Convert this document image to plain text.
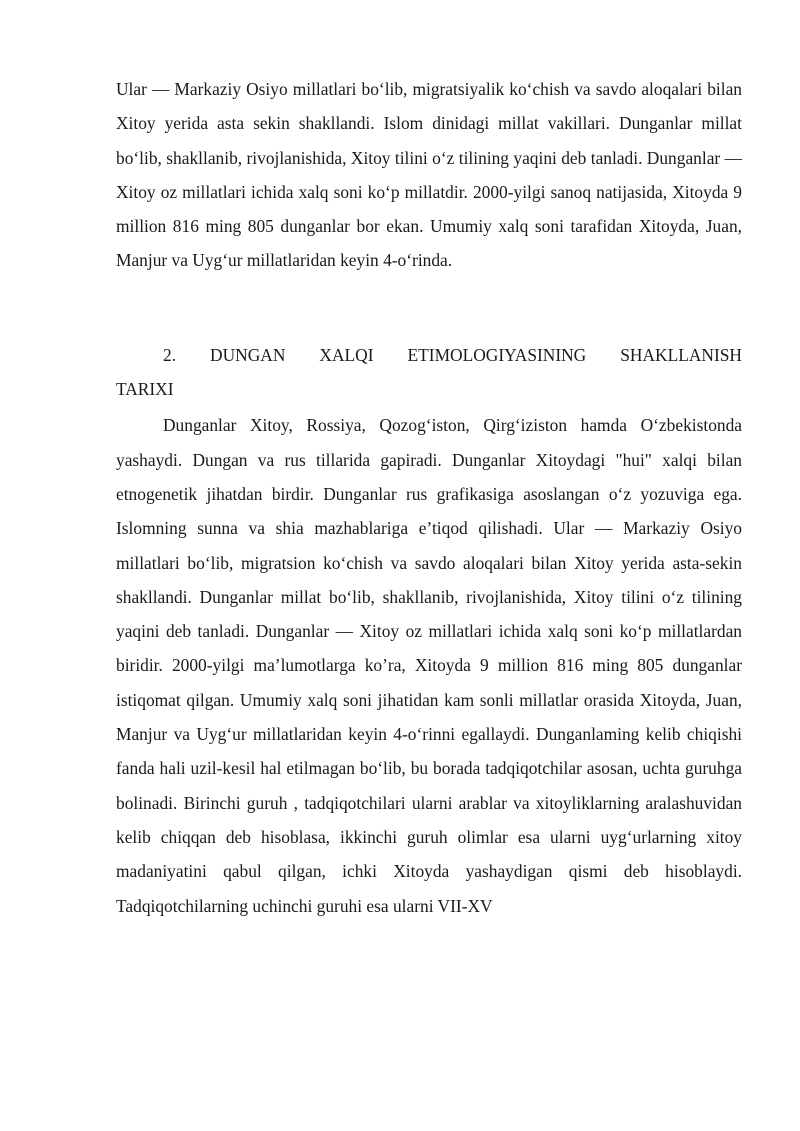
Ular — Markaziy Osiyo millatlari bo‘lib, migratsiyalik ko‘chish va savdo aloqalari bilan Xitoy yerida asta sekin shakllandi. Islom dinidagi millat vakillari. Dunganlar millat bo‘lib, shakllanib, rivojlanishida, Xitoy tilini o‘z tilining yaqini deb tanladi. Dunganlar — Xitoy oz millatlari ichida xalq soni ko‘p millatdir. 2000-yilgi sanoq natijasida, Xitoyda 9 million 816 ming 805 dunganlar bor ekan. Umumiy xalq soni tarafidan Xitoyda, Juan, Manjur va Uyg‘ur millatlaridan keyin 4-o‘rinda.

2. DUNGAN XALQI ETIMOLOGIYASINING SHAKLLANISH TARIXI

Dunganlar Xitoy, Rossiya, Qozog‘iston, Qirg‘iziston hamda O‘zbekistonda yashaydi. Dungan va rus tillarida gapiradi. Dunganlar Xitoydagi "hui" xalqi bilan etnogenetik jihatdan birdir. Dunganlar rus grafikasiga asoslangan o‘z yozuviga ega. Islomning sunna va shia mazhablariga e’tiqod qilishadi. Ular — Markaziy Osiyo millatlari bo‘lib, migratsion ko‘chish va savdo aloqalari bilan Xitoy yerida asta-sekin shakllandi. Dunganlar millat bo‘lib, shakllanib, rivojlanishida, Xitoy tilini o‘z tilining yaqini deb tanladi. Dunganlar — Xitoy oz millatlari ichida xalq soni ko‘p millatlardan biridir. 2000-yilgi ma’lumotlarga ko’ra, Xitoyda 9 million 816 ming 805 dunganlar istiqomat qilgan. Umumiy xalq soni jihatidan kam sonli millatlar orasida Xitoyda, Juan, Manjur va Uyg‘ur millatlaridan keyin 4-o‘rinni egallaydi. Dunganlaming kelib chiqishi fanda hali uzil-kesil hal etilmagan bo‘lib, bu borada tadqiqotchilar asosan, uchta guruhga bolinadi. Birinchi guruh , tadqiqotchilari ularni arablar va xitoyliklarning aralashuvidan kelib chiqqan deb hisoblasa, ikkinchi guruh olimlar esa ularni uyg‘urlarning xitoy madaniyatini qabul qilgan, ichki Xitoyda yashaydigan qismi deb hisoblaydi. Tadqiqotchilarning uchinchi guruhi esa ularni VII-XV
